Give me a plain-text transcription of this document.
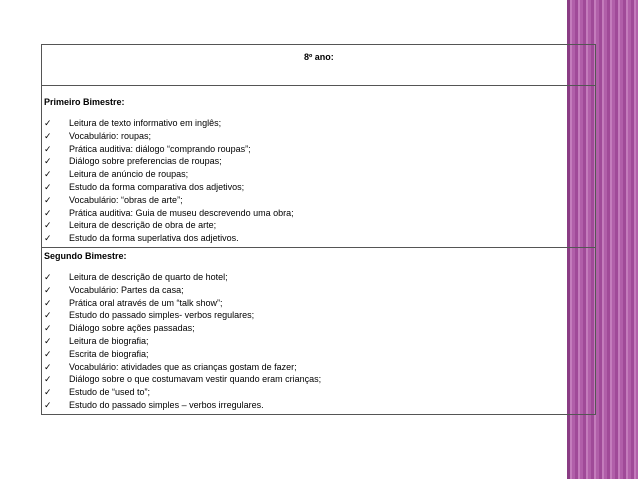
8º ano:

Primeiro Bimestre:

✓ Leitura de texto informativo em inglês;
✓ Vocabulário: roupas;
✓ Prática auditiva: diálogo “comprando roupas”;
✓ Diálogo sobre preferencias de roupas;
✓ Leitura de anúncio de roupas;
✓ Estudo da forma comparativa dos adjetivos;
✓ Vocabulário: “obras de arte”;
✓ Prática auditiva: Guia de museu descrevendo uma obra;
✓ Leitura de descrição de obra de arte;
✓ Estudo da forma superlativa dos adjetivos.

Segundo Bimestre:

✓ Leitura de descrição de quarto de hotel;
✓ Vocabulário: Partes da casa;
✓ Prática oral através de um “talk show”;
✓ Estudo do passado simples- verbos regulares;
✓ Diálogo sobre ações passadas;
✓ Leitura de biografia;
✓ Escrita de biografia;
✓ Vocabulário: atividades que as crianças gostam de fazer;
✓ Diálogo sobre o que costumavam vestir quando eram crianças;
✓ Estudo de “used to”;
✓ Estudo do passado simples – verbos irregulares.
